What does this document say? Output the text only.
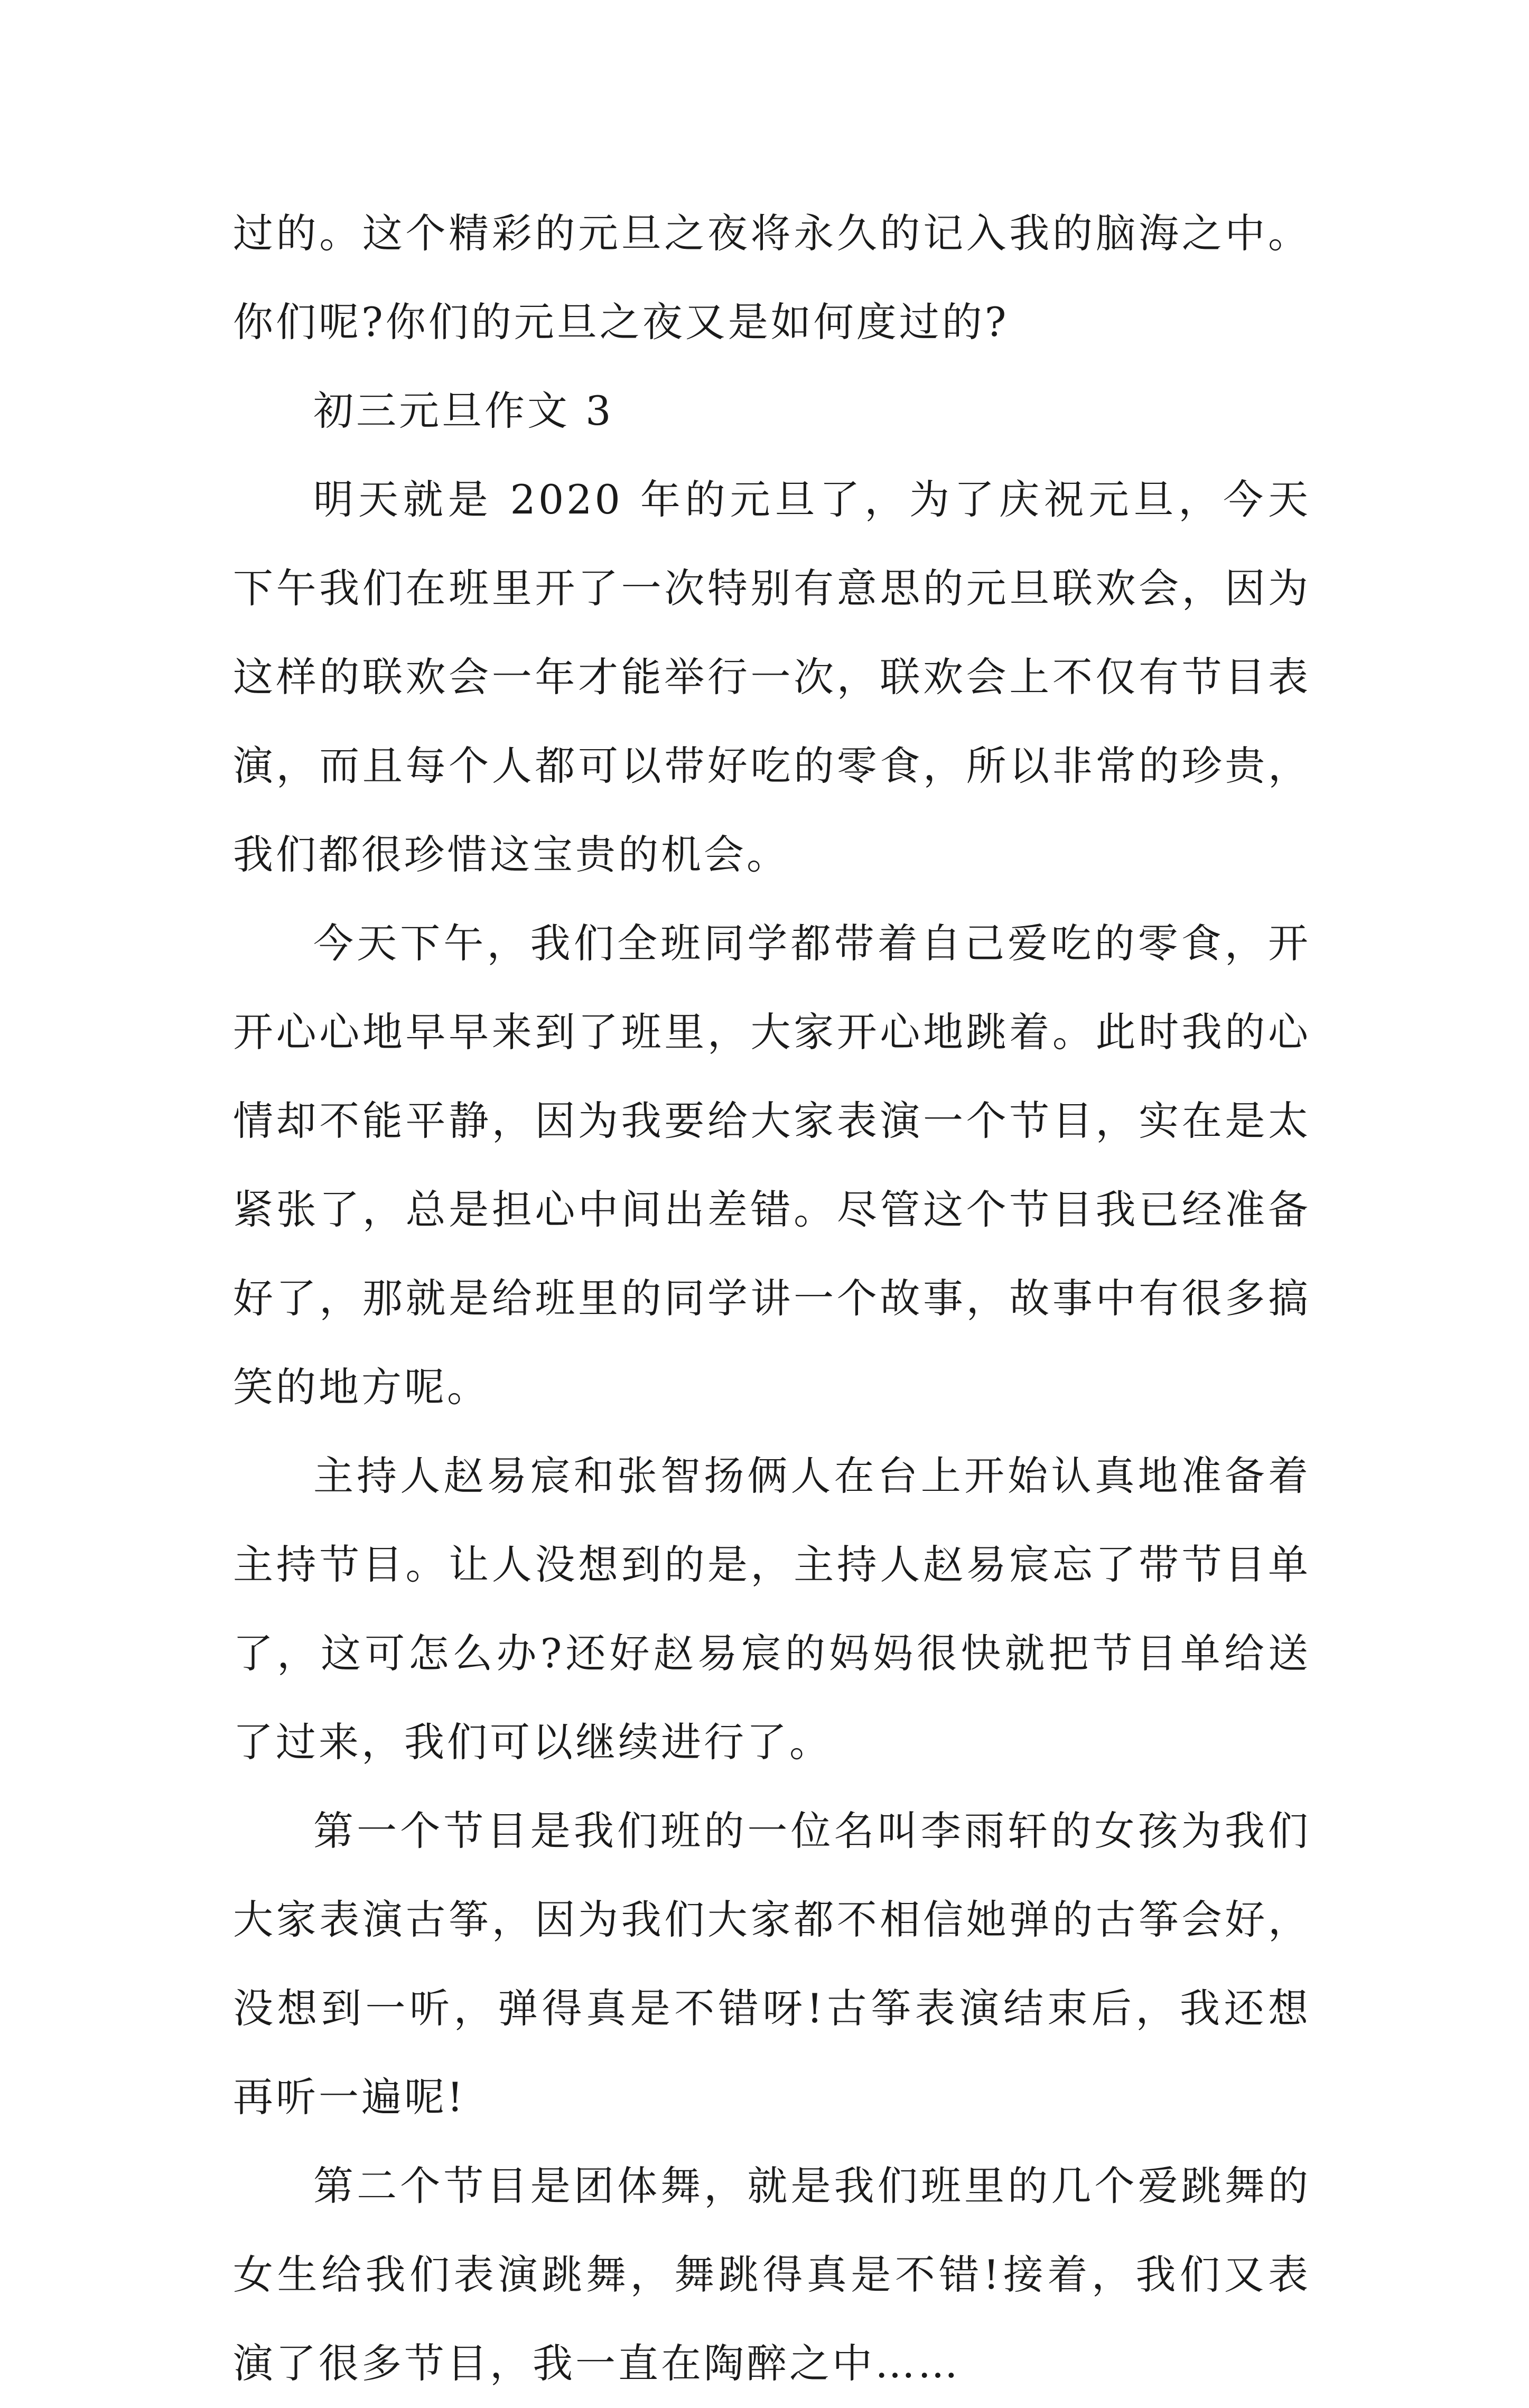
过的。这个精彩的元旦之夜将永久的记入我的脑海之中。你们呢?你们的元旦之夜又是如何度过的?

初三元旦作文 3

明天就是 2020 年的元旦了，为了庆祝元旦，今天下午我们在班里开了一次特别有意思的元旦联欢会，因为这样的联欢会一年才能举行一次，联欢会上不仅有节目表演，而且每个人都可以带好吃的零食，所以非常的珍贵，我们都很珍惜这宝贵的机会。

今天下午，我们全班同学都带着自己爱吃的零食，开开心心地早早来到了班里，大家开心地跳着。此时我的心情却不能平静，因为我要给大家表演一个节目，实在是太紧张了，总是担心中间出差错。尽管这个节目我已经准备好了，那就是给班里的同学讲一个故事，故事中有很多搞笑的地方呢。

主持人赵易宸和张智扬俩人在台上开始认真地准备着主持节目。让人没想到的是，主持人赵易宸忘了带节目单了，这可怎么办?还好赵易宸的妈妈很快就把节目单给送了过来，我们可以继续进行了。

第一个节目是我们班的一位名叫李雨轩的女孩为我们大家表演古筝，因为我们大家都不相信她弹的古筝会好，没想到一听，弹得真是不错呀!古筝表演结束后，我还想再听一遍呢!

第二个节目是团体舞，就是我们班里的几个爱跳舞的女生给我们表演跳舞，舞跳得真是不错!接着，我们又表演了很多节目，我一直在陶醉之中……
